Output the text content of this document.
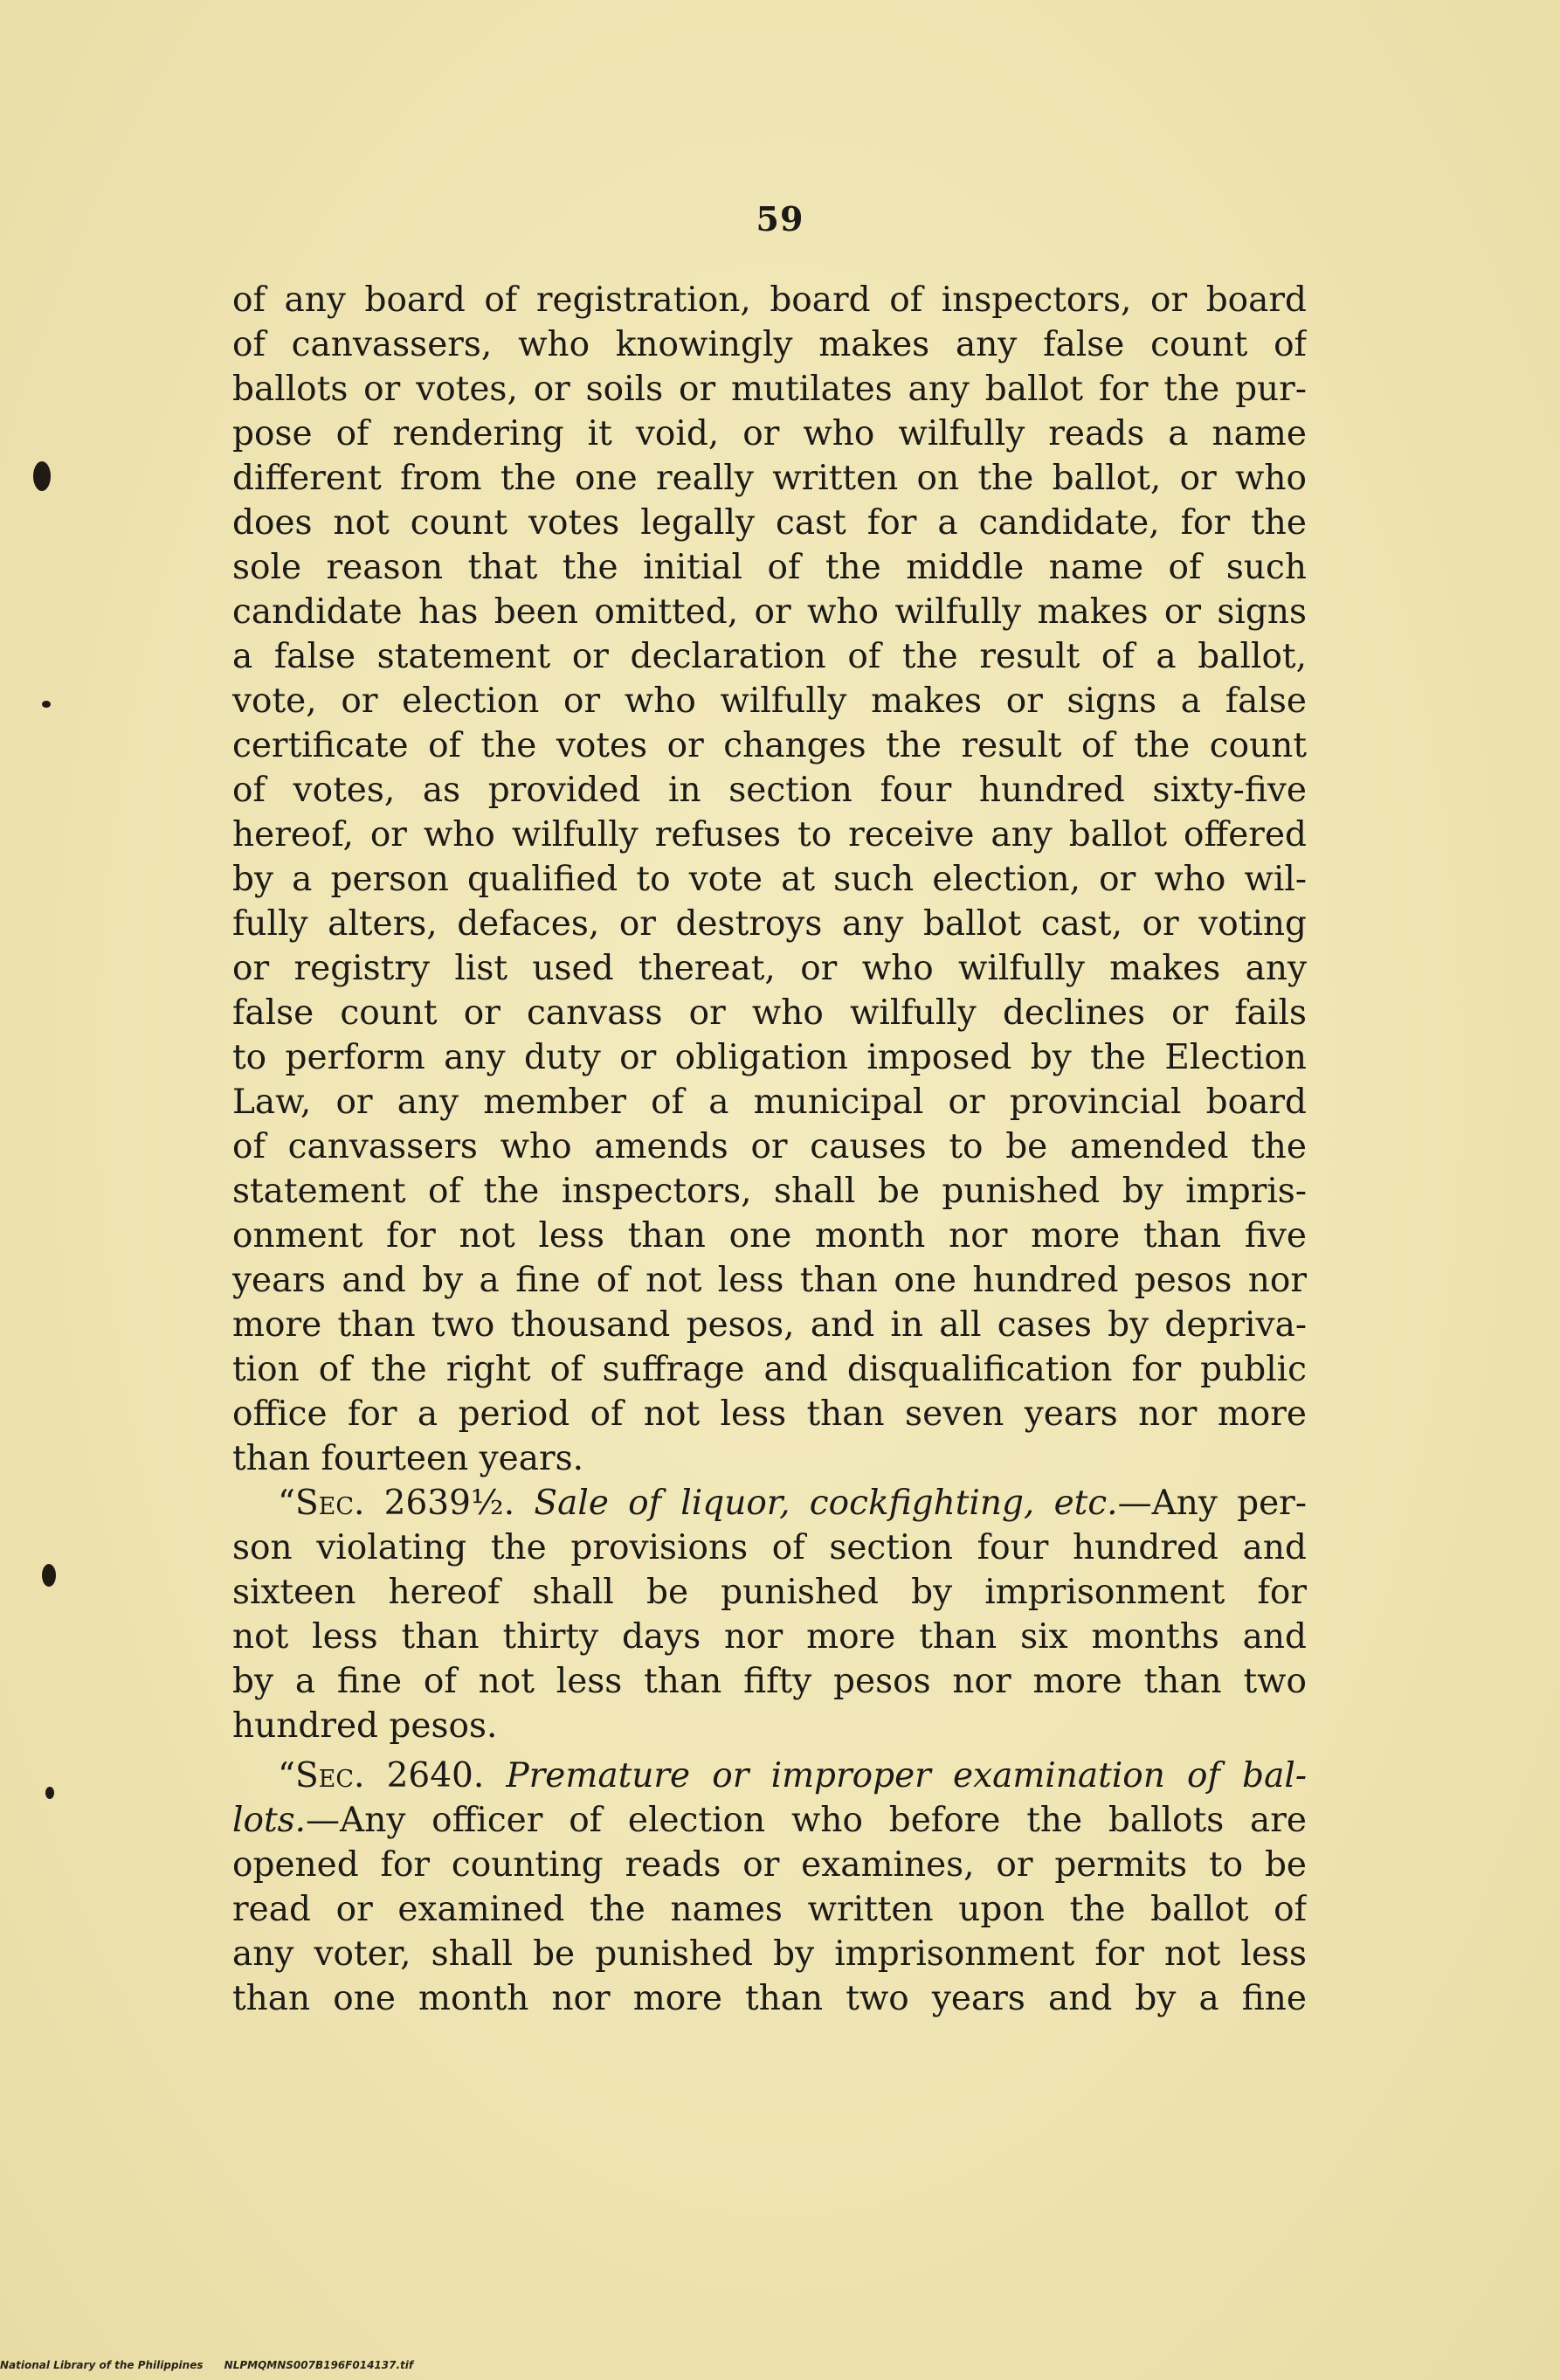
59
of any board of registration, board of inspectors, or board
of canvassers, who knowingly makes any false count of
ballots or votes, or soils or mutilates any ballot for the pur-
pose of rendering it void, or who wilfully reads a name
different from the one really written on the ballot, or who
does not count votes legally cast for a candidate, for the
sole reason that the initial of the middle name of such
candidate has been omitted, or who wilfully makes or signs
a false statement or declaration of the result of a ballot,
vote, or election or who wilfully makes or signs a false
certificate of the votes or changes the result of the count
of votes, as provided in section four hundred sixty-five
hereof, or who wilfully refuses to receive any ballot offered
by a person qualified to vote at such election, or who wil-
fully alters, defaces, or destroys any ballot cast, or voting
or registry list used thereat, or who wilfully makes any
false count or canvass or who wilfully declines or fails
to perform any duty or obligation imposed by the Election
Law, or any member of a municipal or provincial board
of canvassers who amends or causes to be amended the
statement of the inspectors, shall be punished by impris-
onment for not less than one month nor more than five
years and by a fine of not less than one hundred pesos nor
more than two thousand pesos, and in all cases by depriva-
tion of the right of suffrage and disqualification for public
office for a period of not less than seven years nor more
than fourteen years.
“Sec. 2639½. Sale of liquor, cockfighting, etc.—Any per-
son violating the provisions of section four hundred and
sixteen hereof shall be punished by imprisonment for
not less than thirty days nor more than six months and
by a fine of not less than fifty pesos nor more than two
hundred pesos.
“Sec. 2640. Premature or improper examination of bal-
lots.—Any officer of election who before the ballots are
opened for counting reads or examines, or permits to be
read or examined the names written upon the ballot of
any voter, shall be punished by imprisonment for not less
than one month nor more than two years and by a fine
National Library of the Philippines NLPMQMNS007B196F014137.tif
